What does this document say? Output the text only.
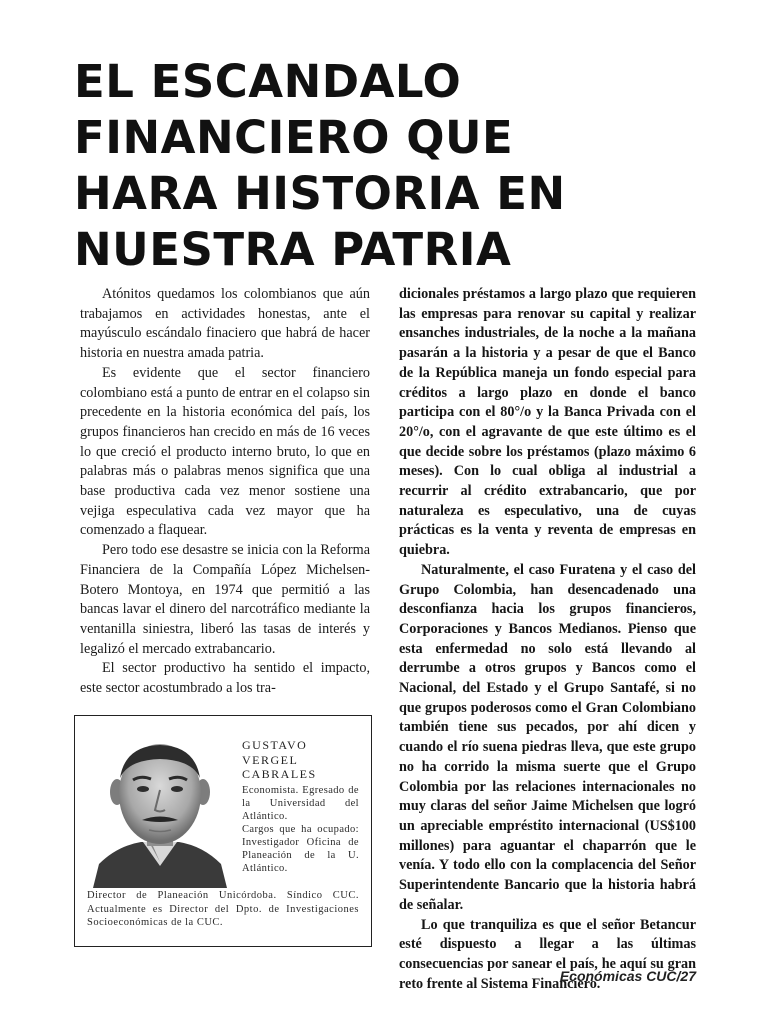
EL ESCANDALO
FINANCIERO QUE
HARA HISTORIA EN
NUESTRA PATRIA

Atónitos quedamos los colombianos que aún trabajamos en actividades honestas, ante el mayúsculo escándalo finaciero que habrá de hacer historia en nuestra amada patria.

Es evidente que el sector financiero colombiano está a punto de entrar en el colapso sin precedente en la historia económica del país, los grupos financieros han crecido en más de 16 veces lo que creció el producto interno bruto, lo que en palabras más o palabras menos significa que una base productiva cada vez menor sostiene una vejiga especulativa cada vez mayor que ha comenzado a flaquear.

Pero todo ese desastre se inicia con la Reforma Financiera de la Compañía López Michelsen-Botero Montoya, en 1974 que permitió a las bancas lavar el dinero del narcotráfico mediante la ventanilla siniestra, liberó las tasas de interés y legalizó el mercado extrabancario.

El sector productivo ha sentido el impacto, este sector acostumbrado a los tra-

dicionales préstamos a largo plazo que requieren las empresas para renovar su capital y realizar ensanches industriales, de la noche a la mañana pasarán a la historia y a pesar de que el Banco de la República maneja un fondo especial para créditos a largo plazo en donde el banco participa con el 80°/o y la Banca Privada con el 20°/o, con el agravante de que este último es el que decide sobre los préstamos (plazo máximo 6 meses). Con lo cual obliga al industrial a recurrir al crédito extrabancario, que por naturaleza es especulativo, una de cuyas prácticas es la venta y reventa de empresas en quiebra.

Naturalmente, el caso Furatena y el caso del Grupo Colombia, han desencadenado una desconfianza hacia los grupos financieros, Corporaciones y Bancos Medianos. Pienso que esta enfermedad no solo está llevando al derrumbe a otros grupos y Bancos como el Nacional, del Estado y el Grupo Santafé, si no que grupos poderosos como el Gran Colombiano también tiene sus pecados, por ahí dicen y cuando el río suena piedras lleva, que este grupo no ha corrido la misma suerte que el Grupo Colombia por las relaciones internacionales no muy claras del señor Jaime Michelsen que logró un apreciable empréstito internacional (US$100 millones) para aguantar el chaparrón que le venía. Y todo ello con la complacencia del Señor Superintendente Bancario que la historia habrá de señalar.

Lo que tranquiliza es que el señor Betancur esté dispuesto a llegar a las últimas consecuencias por sanear el país, he aquí su gran reto frente al Sistema Financiero.

GUSTAVO
VERGEL
CABRALES

Economista. Egresado de la Universidad del Atlántico.

Cargos que ha ocupado: Investigador Oficina de Planeación de la U. Atlántico.

Director de Planeación Unicórdoba. Síndico CUC. Actualmente es Director del Dpto. de Investigaciones Socioeconómicas de la CUC.
Económicas CUC/27
